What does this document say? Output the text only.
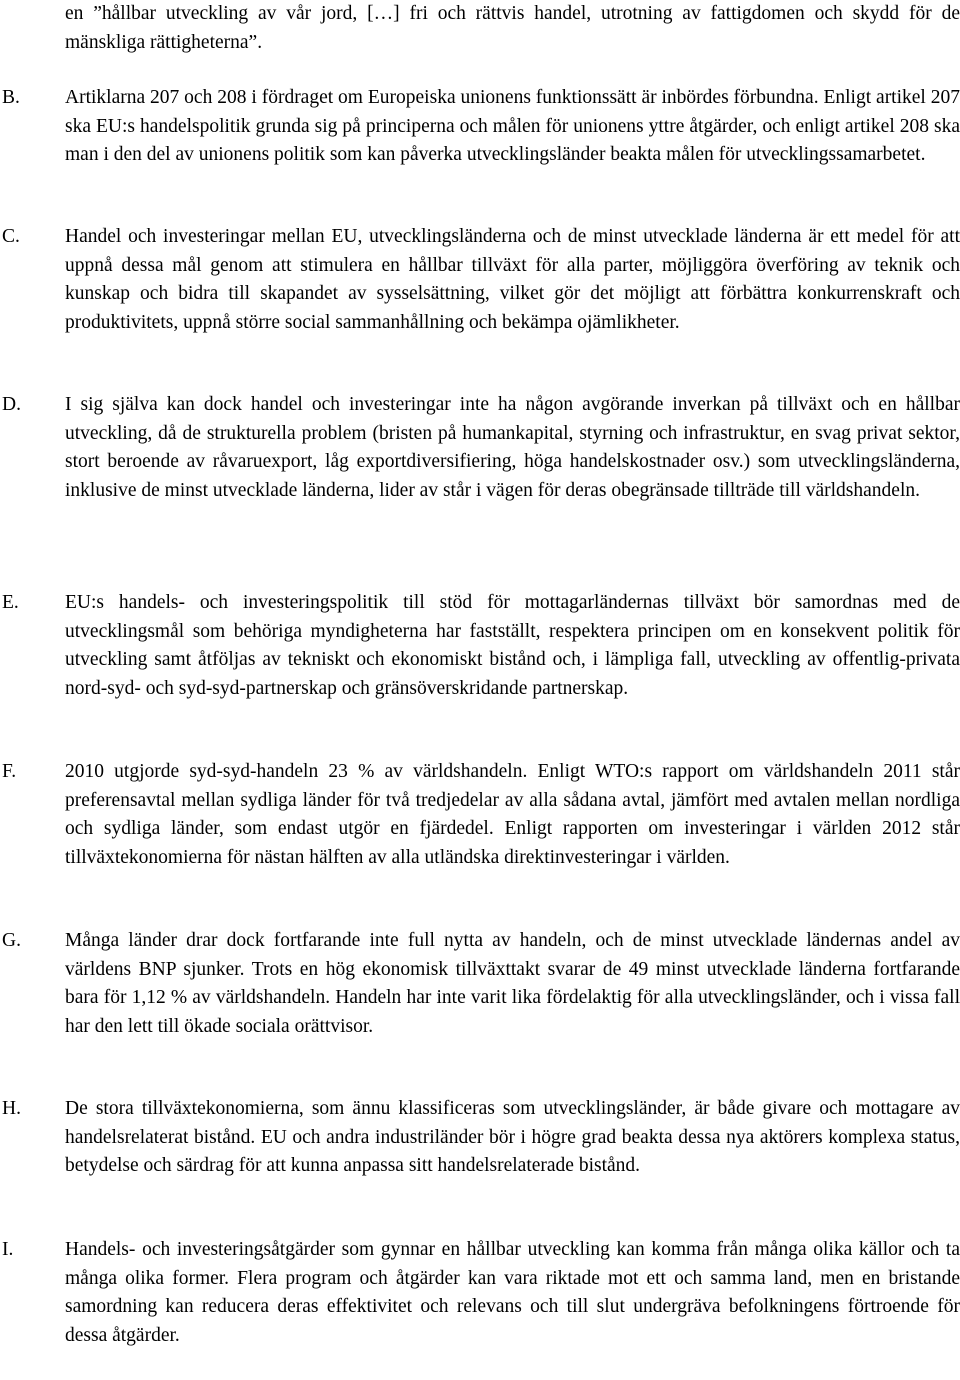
en ”hållbar utveckling av vår jord, […] fri och rättvis handel, utrotning av fattigdomen och skydd för de mänskliga rättigheterna”.
B. Artiklarna 207 och 208 i fördraget om Europeiska unionens funktionssätt är inbördes förbundna. Enligt artikel 207 ska EU:s handelspolitik grunda sig på principerna och målen för unionens yttre åtgärder, och enligt artikel 208 ska man i den del av unionens politik som kan påverka utvecklingsländer beakta målen för utvecklingssamarbetet.
C. Handel och investeringar mellan EU, utvecklingsländerna och de minst utvecklade länderna är ett medel för att uppnå dessa mål genom att stimulera en hållbar tillväxt för alla parter, möjliggöra överföring av teknik och kunskap och bidra till skapandet av sysselsättning, vilket gör det möjligt att förbättra konkurrenskraft och produktivitets, uppnå större social sammanhållning och bekämpa ojämlikheter.
D. I sig själva kan dock handel och investeringar inte ha någon avgörande inverkan på tillväxt och en hållbar utveckling, då de strukturella problem (bristen på humankapital, styrning och infrastruktur, en svag privat sektor, stort beroende av råvaruexport, låg exportdiversifiering, höga handelskostnader osv.) som utvecklingsländerna, inklusive de minst utvecklade länderna, lider av står i vägen för deras obegränsade tillträde till världshandeln.
E. EU:s handels- och investeringspolitik till stöd för mottagarländernas tillväxt bör samordnas med de utvecklingsmål som behöriga myndigheterna har fastställt, respektera principen om en konsekvent politik för utveckling samt åtföljas av tekniskt och ekonomiskt bistånd och, i lämpliga fall, utveckling av offentlig-privata nord-syd- och syd-syd-partnerskap och gränsöverskridande partnerskap.
F.	2010 utgjorde syd-syd-handeln 23 % av världshandeln. Enligt WTO:s rapport om världshandeln 2011 står preferensavtal mellan sydliga länder för två tredjedelar av alla sådana avtal, jämfört med avtalen mellan nordliga och sydliga länder, som endast utgör en fjärdedel. Enligt rapporten om investeringar i världen 2012 står tillväxtekonomierna för nästan hälften av alla utländska direktinvesteringar i världen.
G. Många länder drar dock fortfarande inte full nytta av handeln, och de minst utvecklade ländernas andel av världens BNP sjunker. Trots en hög ekonomisk tillväxttakt svarar de 49 minst utvecklade länderna fortfarande bara för 1,12 % av världshandeln. Handeln har inte varit lika fördelaktig för alla utvecklingsländer, och i vissa fall har den lett till ökade sociala orättvisor.
H. De stora tillväxtekonomierna, som ännu klassificeras som utvecklingsländer, är både givare och mottagare av handelsrelaterat bistånd. EU och andra industriländer bör i högre grad beakta dessa nya aktörers komplexa status, betydelse och särdrag för att kunna anpassa sitt handelsrelaterade bistånd.
I.	Handels- och investeringsåtgärder som gynnar en hållbar utveckling kan komma från många olika källor och ta många olika former. Flera program och åtgärder kan vara riktade mot ett och samma land, men en bristande samordning kan reducera deras effektivitet och relevans och till slut undergräva befolkningens förtroende för dessa åtgärder.
